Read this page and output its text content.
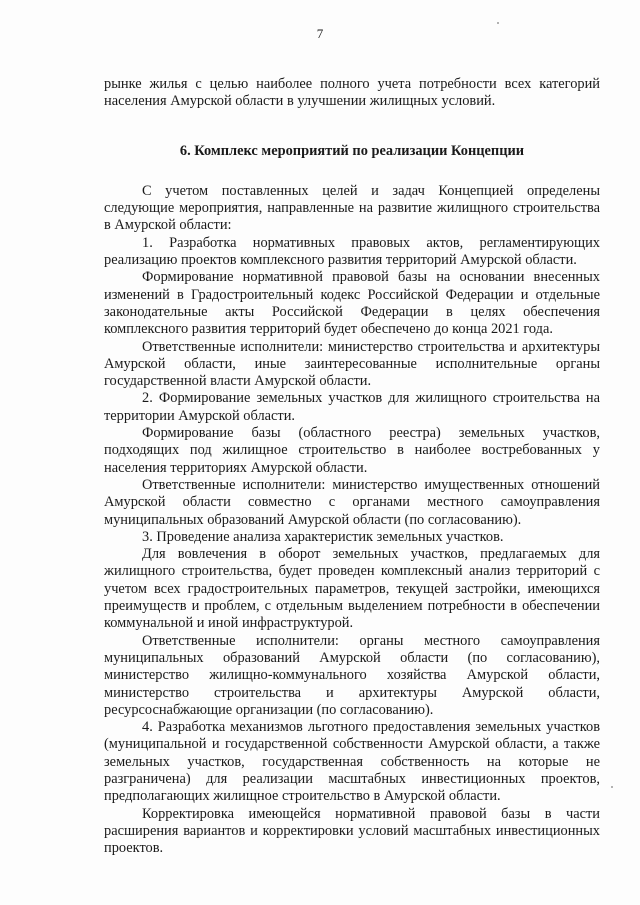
7

рынке жилья с целью наиболее полного учета потребности всех категорий населения Амурской области в улучшении жилищных условий.

6. Комплекс мероприятий по реализации Концепции

С учетом поставленных целей и задач Концепцией определены следующие мероприятия, направленные на развитие жилищного строительства в Амурской области:

1. Разработка нормативных правовых актов, регламентирующих реализацию проектов комплексного развития территорий Амурской области.

Формирование нормативной правовой базы на основании внесенных изменений в Градостроительный кодекс Российской Федерации и отдельные законодательные акты Российской Федерации в целях обеспечения комплексного развития территорий будет обеспечено до конца 2021 года.

Ответственные исполнители: министерство строительства и архитектуры Амурской области, иные заинтересованные исполнительные органы государственной власти Амурской области.

2. Формирование земельных участков для жилищного строительства на территории Амурской области.

Формирование базы (областного реестра) земельных участков, подходящих под жилищное строительство в наиболее востребованных у населения территориях Амурской области.

Ответственные исполнители: министерство имущественных отношений Амурской области совместно с органами местного самоуправления муниципальных образований Амурской области (по согласованию).

3. Проведение анализа характеристик земельных участков.

Для вовлечения в оборот земельных участков, предлагаемых для жилищного строительства, будет проведен комплексный анализ территорий с учетом всех градостроительных параметров, текущей застройки, имеющихся преимуществ и проблем, с отдельным выделением потребности в обеспечении коммунальной и иной инфраструктурой.

Ответственные исполнители: органы местного самоуправления муниципальных образований Амурской области (по согласованию), министерство жилищно-коммунального хозяйства Амурской области, министерство строительства и архитектуры Амурской области, ресурсоснабжающие организации (по согласованию).

4. Разработка механизмов льготного предоставления земельных участков (муниципальной и государственной собственности Амурской области, а также земельных участков, государственная собственность на которые не разграничена) для реализации масштабных инвестиционных проектов, предполагающих жилищное строительство в Амурской области.

Корректировка имеющейся нормативной правовой базы в части расширения вариантов и корректировки условий масштабных инвестиционных проектов.
